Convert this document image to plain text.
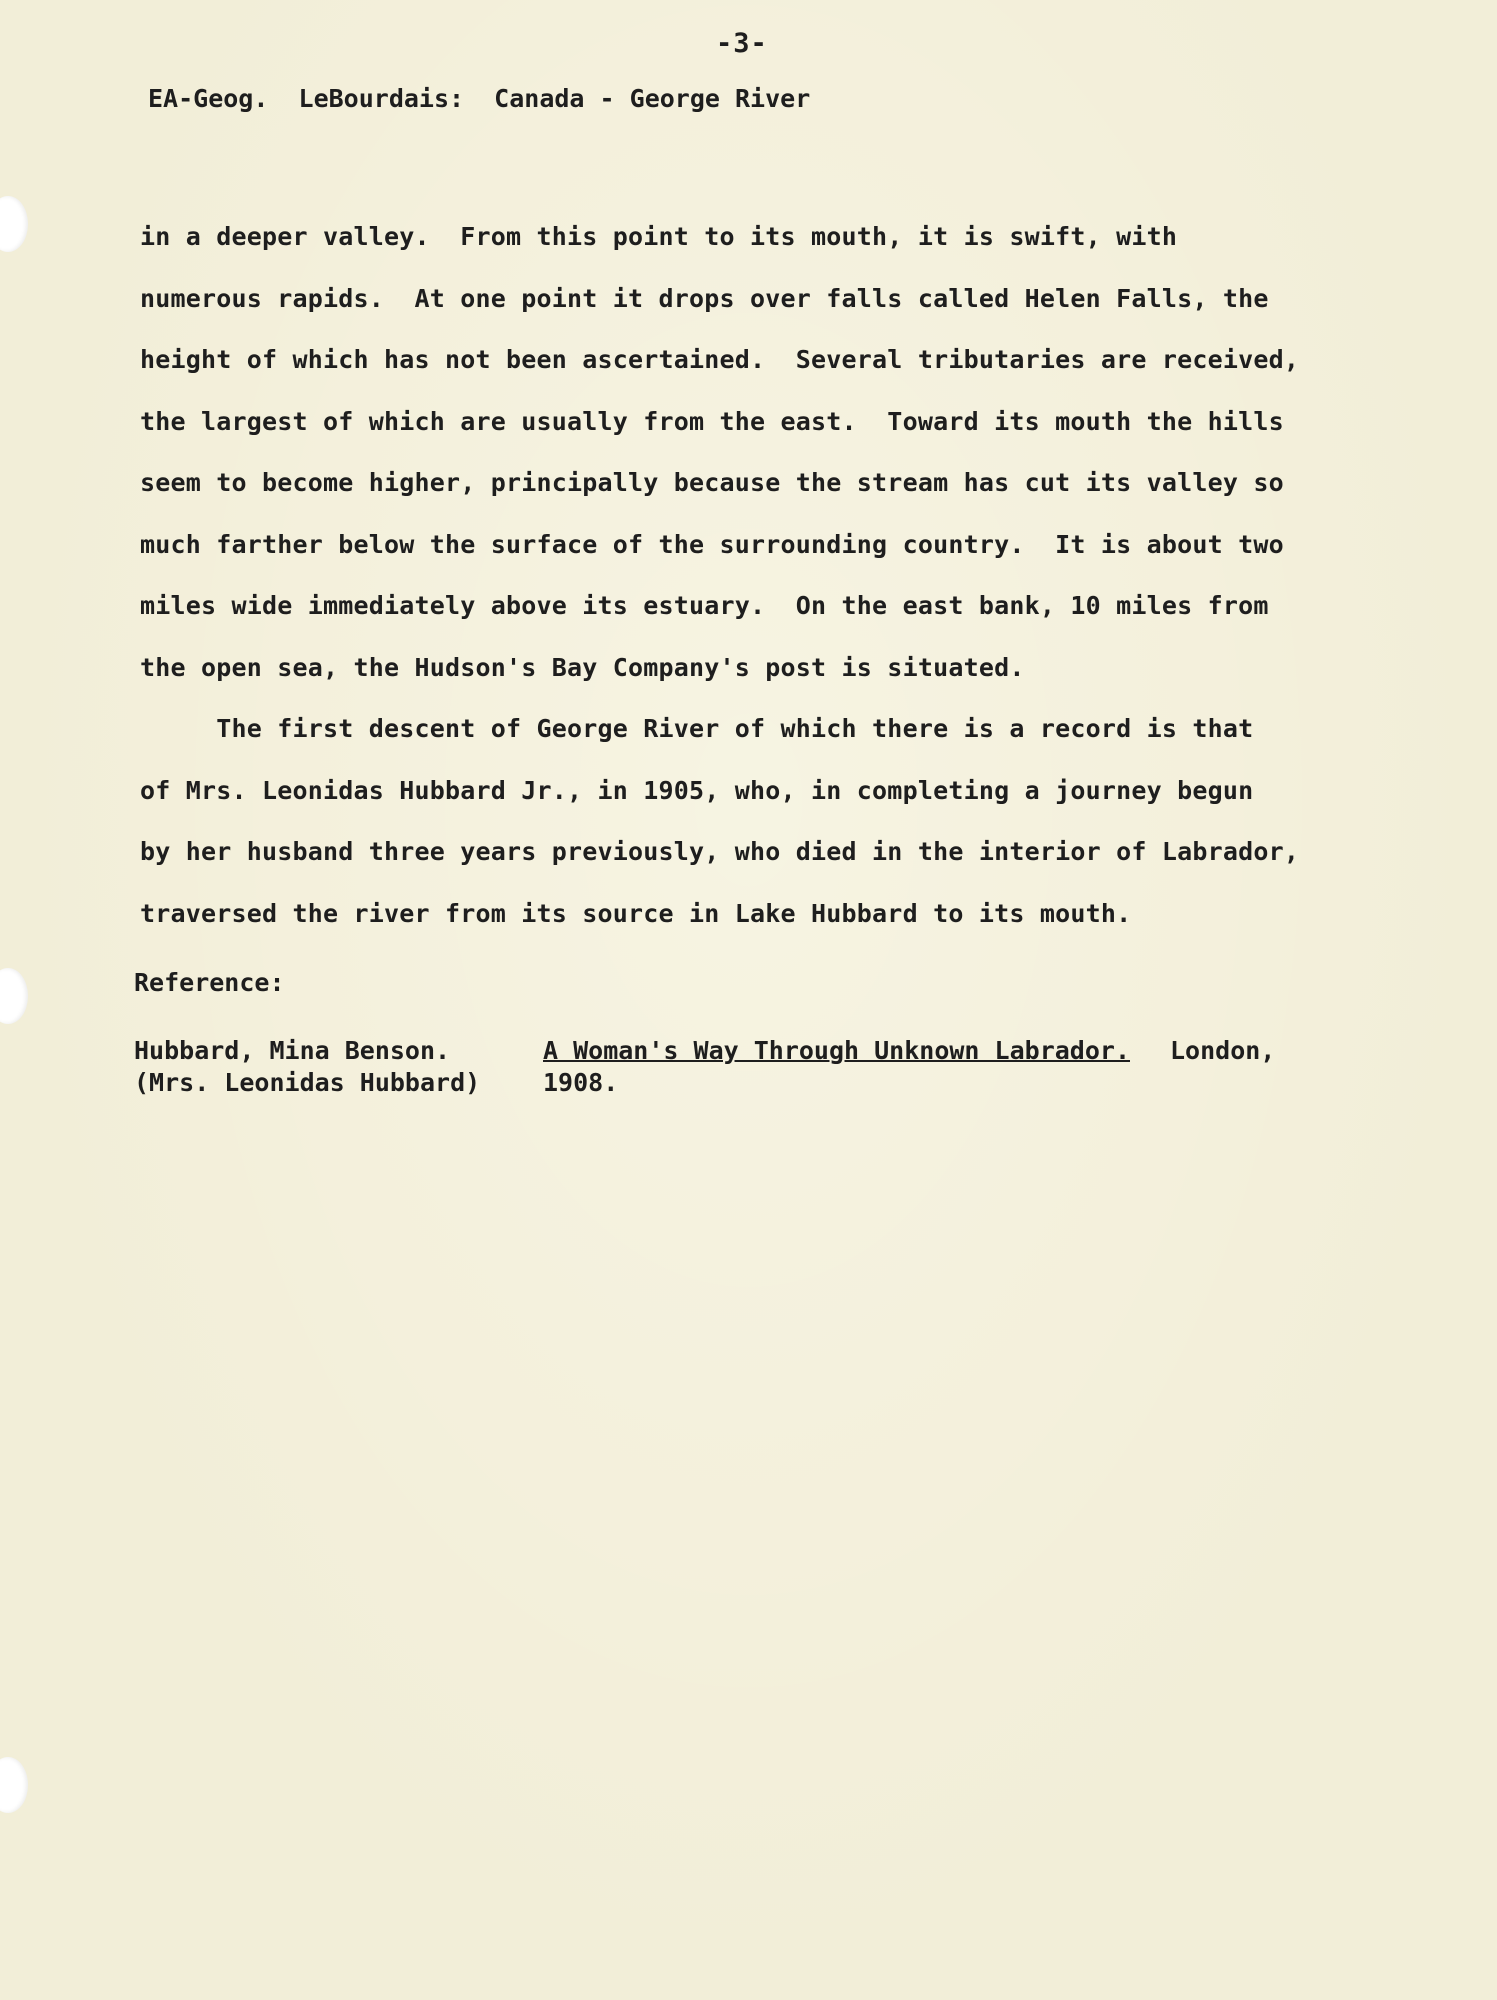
-3-
EA-Geog.  LeBourdais:  Canada - George River
in a deeper valley.  From this point to its mouth, it is swift, with
numerous rapids.  At one point it drops over falls called Helen Falls, the
height of which has not been ascertained.  Several tributaries are received,
the largest of which are usually from the east.  Toward its mouth the hills
seem to become higher, principally because the stream has cut its valley so
much farther below the surface of the surrounding country.  It is about two
miles wide immediately above its estuary.  On the east bank, 10 miles from
the open sea, the Hudson's Bay Company's post is situated.
The first descent of George River of which there is a record is that
of Mrs. Leonidas Hubbard Jr., in 1905, who, in completing a journey begun
by her husband three years previously, who died in the interior of Labrador,
traversed the river from its source in Lake Hubbard to its mouth.
Reference:
Hubbard, Mina Benson.
(Mrs. Leonidas Hubbard)
A Woman's Way Through Unknown Labrador. London,
1908.
